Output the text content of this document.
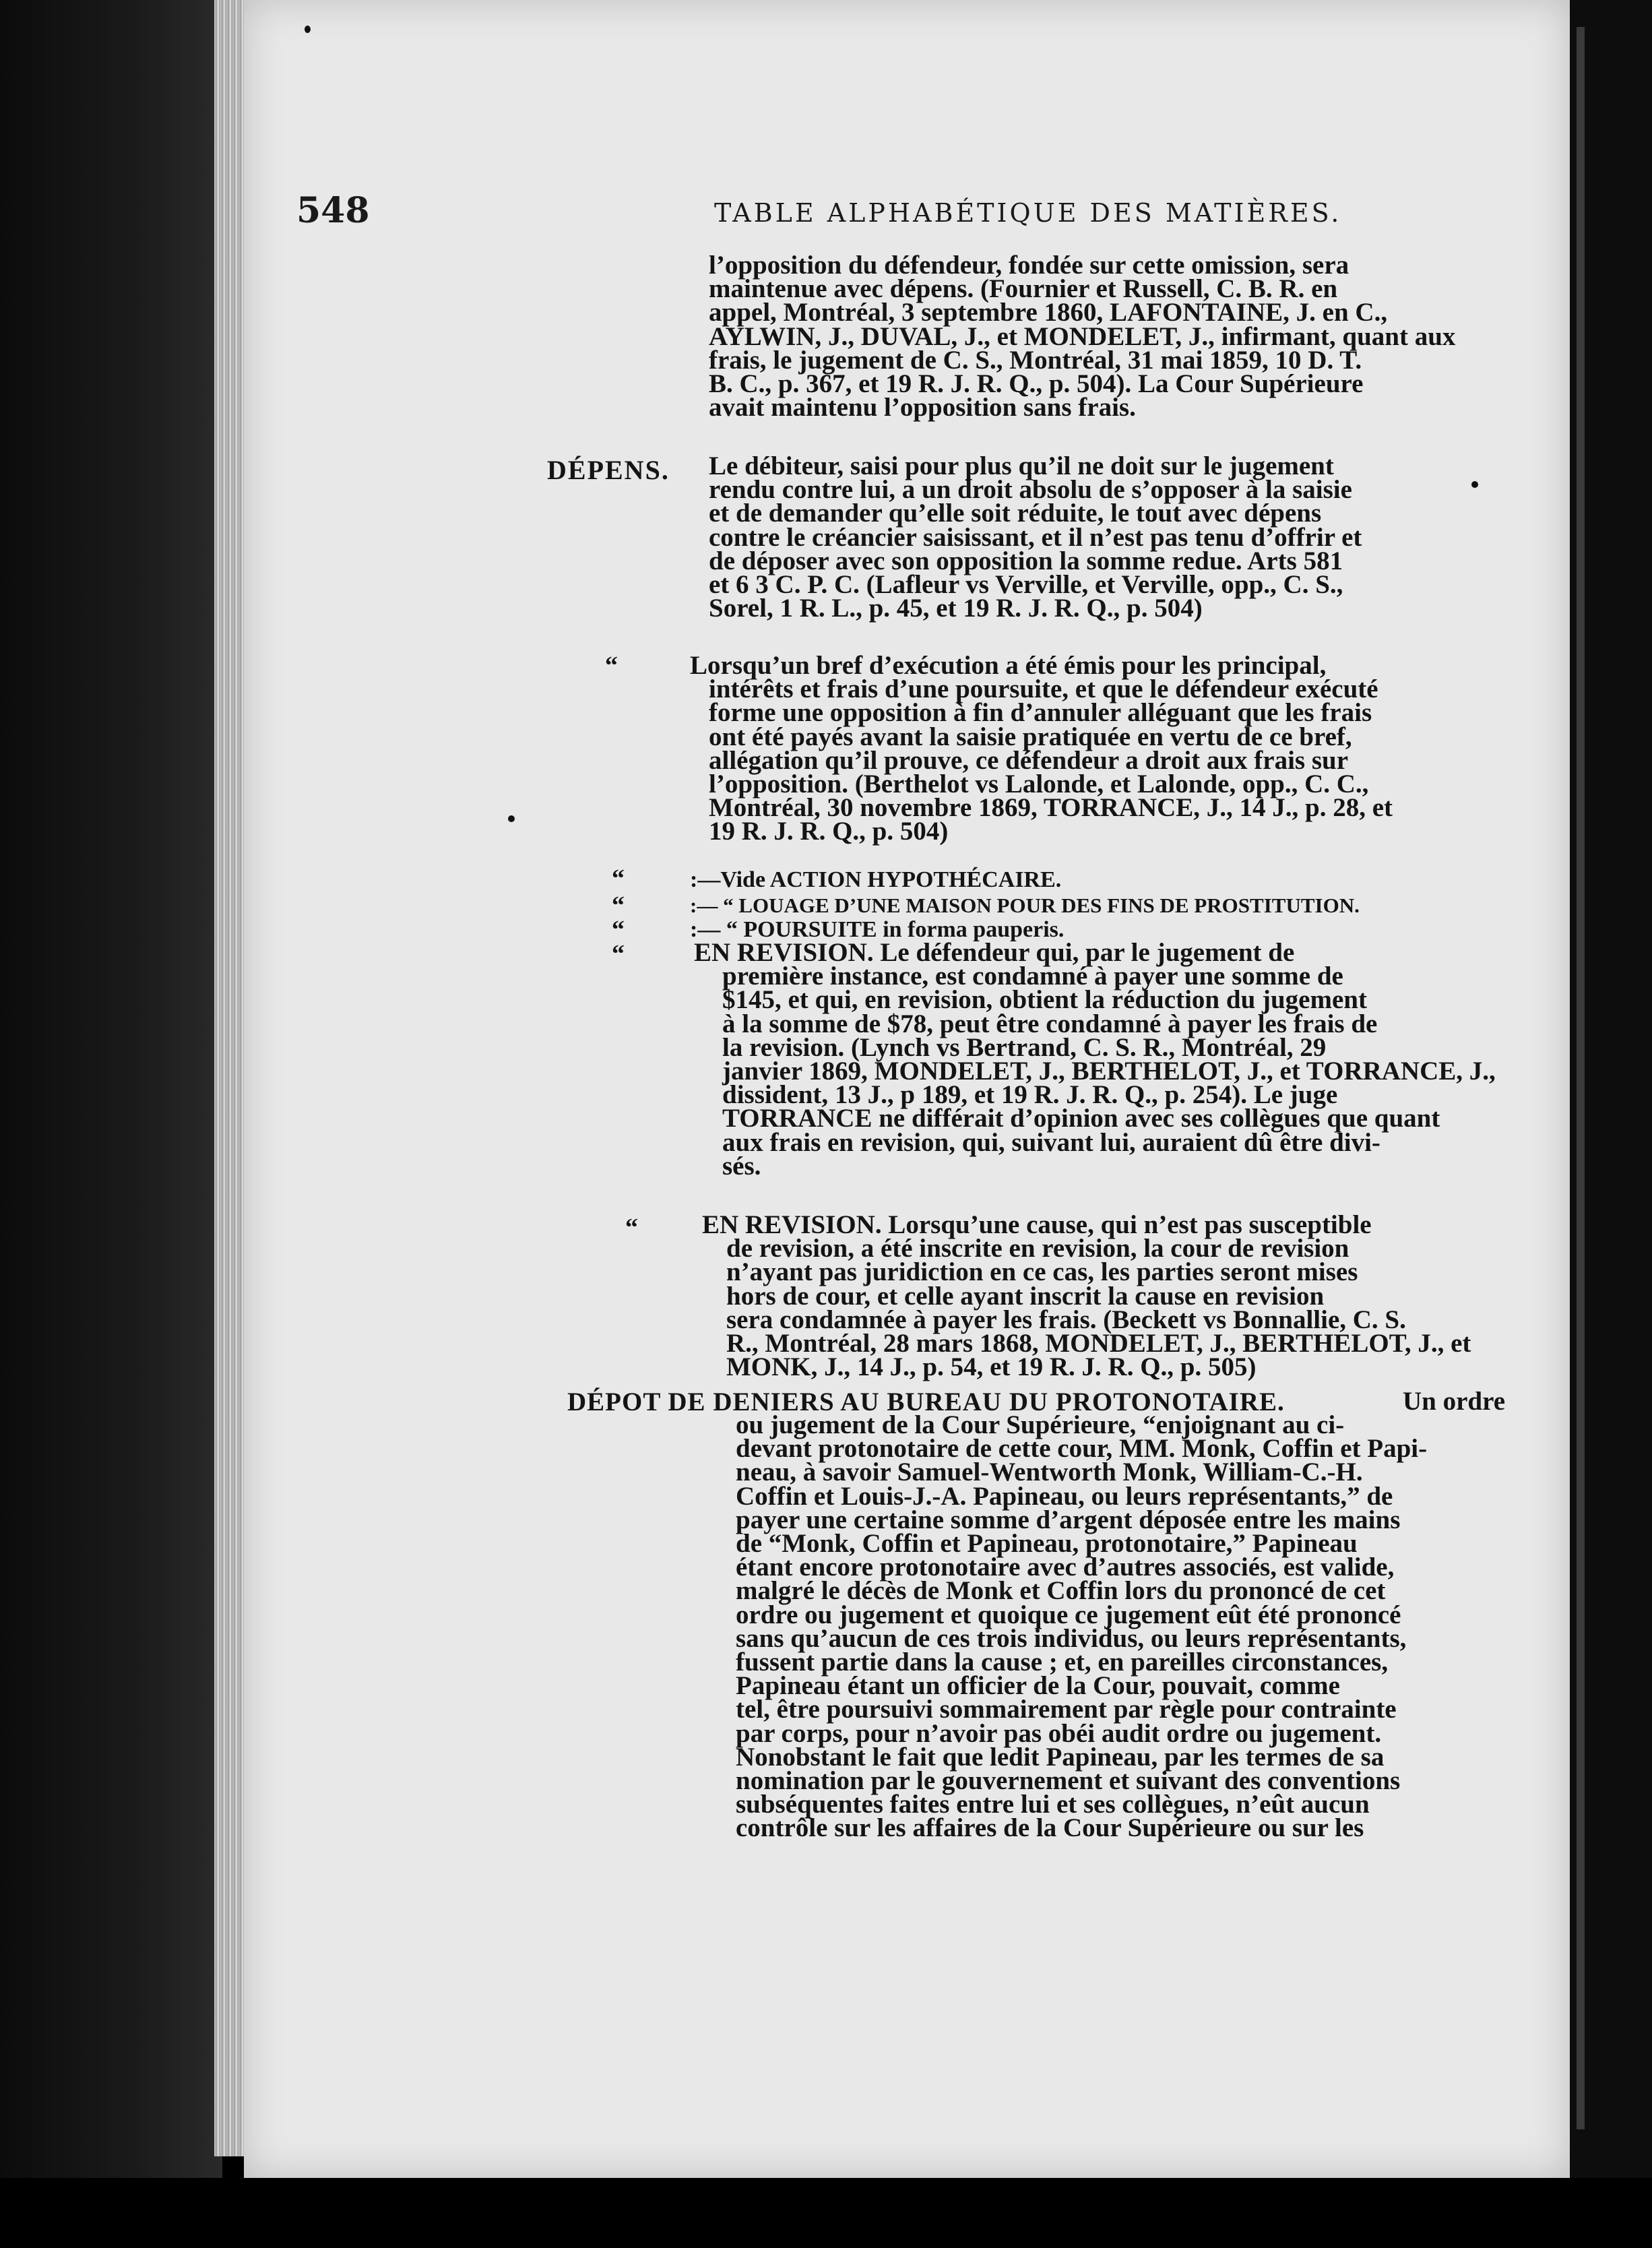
548	TABLE ALPHABÉTIQUE DES MATIÈRES.
l’opposition du défendeur, fondée sur cette omission, sera
maintenue avec dépens. (Fournier et Russell, C. B. R. en
appel, Montréal, 3 septembre 1860, LAFONTAINE, J. en C.,
AYLWIN, J., DUVAL, J., et MONDELET, J., infirmant, quant aux
frais, le jugement de C. S., Montréal, 31 mai 1859, 10 D. T.
B. C., p. 367, et 19 R. J. R. Q., p. 504). La Cour Supérieure
avait maintenu l’opposition sans frais.
DÉPENS. Le débiteur, saisi pour plus qu’il ne doit sur le jugement
rendu contre lui, a un droit absolu de s’opposer à la saisie
et de demander qu’elle soit réduite, le tout avec dépens
contre le créancier saisissant, et il n’est pas tenu d’offrir et
de déposer avec son opposition la somme redue. Arts 581
et 6 3 C. P. C. (Lafleur vs Verville, et Verville, opp., C. S.,
Sorel, 1 R. L., p. 45, et 19 R. J. R. Q., p. 504)
“	Lorsqu’un bref d’exécution a été émis pour les principal,
intérêts et frais d’une poursuite, et que le défendeur exécuté
forme une opposition à fin d’annuler alléguant que les frais
ont été payés avant la saisie pratiquée en vertu de ce bref,
allégation qu’il prouve, ce défendeur a droit aux frais sur
l’opposition. (Berthelot vs Lalonde, et Lalonde, opp., C. C.,
Montréal, 30 novembre 1869, TORRANCE, J., 14 J., p. 28, et
19 R. J. R. Q., p. 504)
“	:—Vide ACTION HYPOTHÉCAIRE.
“	:— “ LOUAGE D’UNE MAISON POUR DES FINS DE PROSTITUTION.
“	:— “ POURSUITE in forma pauperis.
“	EN REVISION. Le défendeur qui, par le jugement de
première instance, est condamné à payer une somme de
$145, et qui, en revision, obtient la réduction du jugement
à la somme de $78, peut être condamné à payer les frais de
la revision. (Lynch vs Bertrand, C. S. R., Montréal, 29
janvier 1869, MONDELET, J., BERTHELOT, J., et TORRANCE, J.,
dissident, 13 J., p 189, et 19 R. J. R. Q., p. 254). Le juge
TORRANCE ne différait d’opinion avec ses collègues que quant
aux frais en revision, qui, suivant lui, auraient dû être divi-
sés.
“ EN REVISION. Lorsqu’une cause, qui n’est pas susceptible
de revision, a été inscrite en revision, la cour de revision
n’ayant pas juridiction en ce cas, les parties seront mises
hors de cour, et celle ayant inscrit la cause en revision
sera condamnée à payer les frais. (Beckett vs Bonnallie, C. S.
R., Montréal, 28 mars 1868, MONDELET, J., BERTHELOT, J., et
MONK, J., 14 J., p. 54, et 19 R. J. R. Q., p. 505)
DÉPOT DE DENIERS AU BUREAU DU PROTONOTAIRE.	Un ordre
ou jugement de la Cour Supérieure, “enjoignant au ci-
devant protonotaire de cette cour, MM. Monk, Coffin et Papi-
neau, à savoir Samuel-Wentworth Monk, William-C.-H.
Coffin et Louis-J.-A. Papineau, ou leurs représentants,” de
payer une certaine somme d’argent déposée entre les mains
de “Monk, Coffin et Papineau, protonotaire,” Papineau
étant encore protonotaire avec d’autres associés, est valide,
malgré le décès de Monk et Coffin lors du prononcé de cet
ordre ou jugement et quoique ce jugement eût été prononcé
sans qu’aucun de ces trois individus, ou leurs représentants,
fussent partie dans la cause ; et, en pareilles circonstances,
Papineau étant un officier de la Cour, pouvait, comme
tel, être poursuivi sommairement par règle pour contrainte
par corps, pour n’avoir pas obéi audit ordre ou jugement.
Nonobstant le fait que ledit Papineau, par les termes de sa
nomination par le gouvernement et suivant des conventions
subséquentes faites entre lui et ses collègues, n’eût aucun
contrôle sur les affaires de la Cour Supérieure ou sur les
